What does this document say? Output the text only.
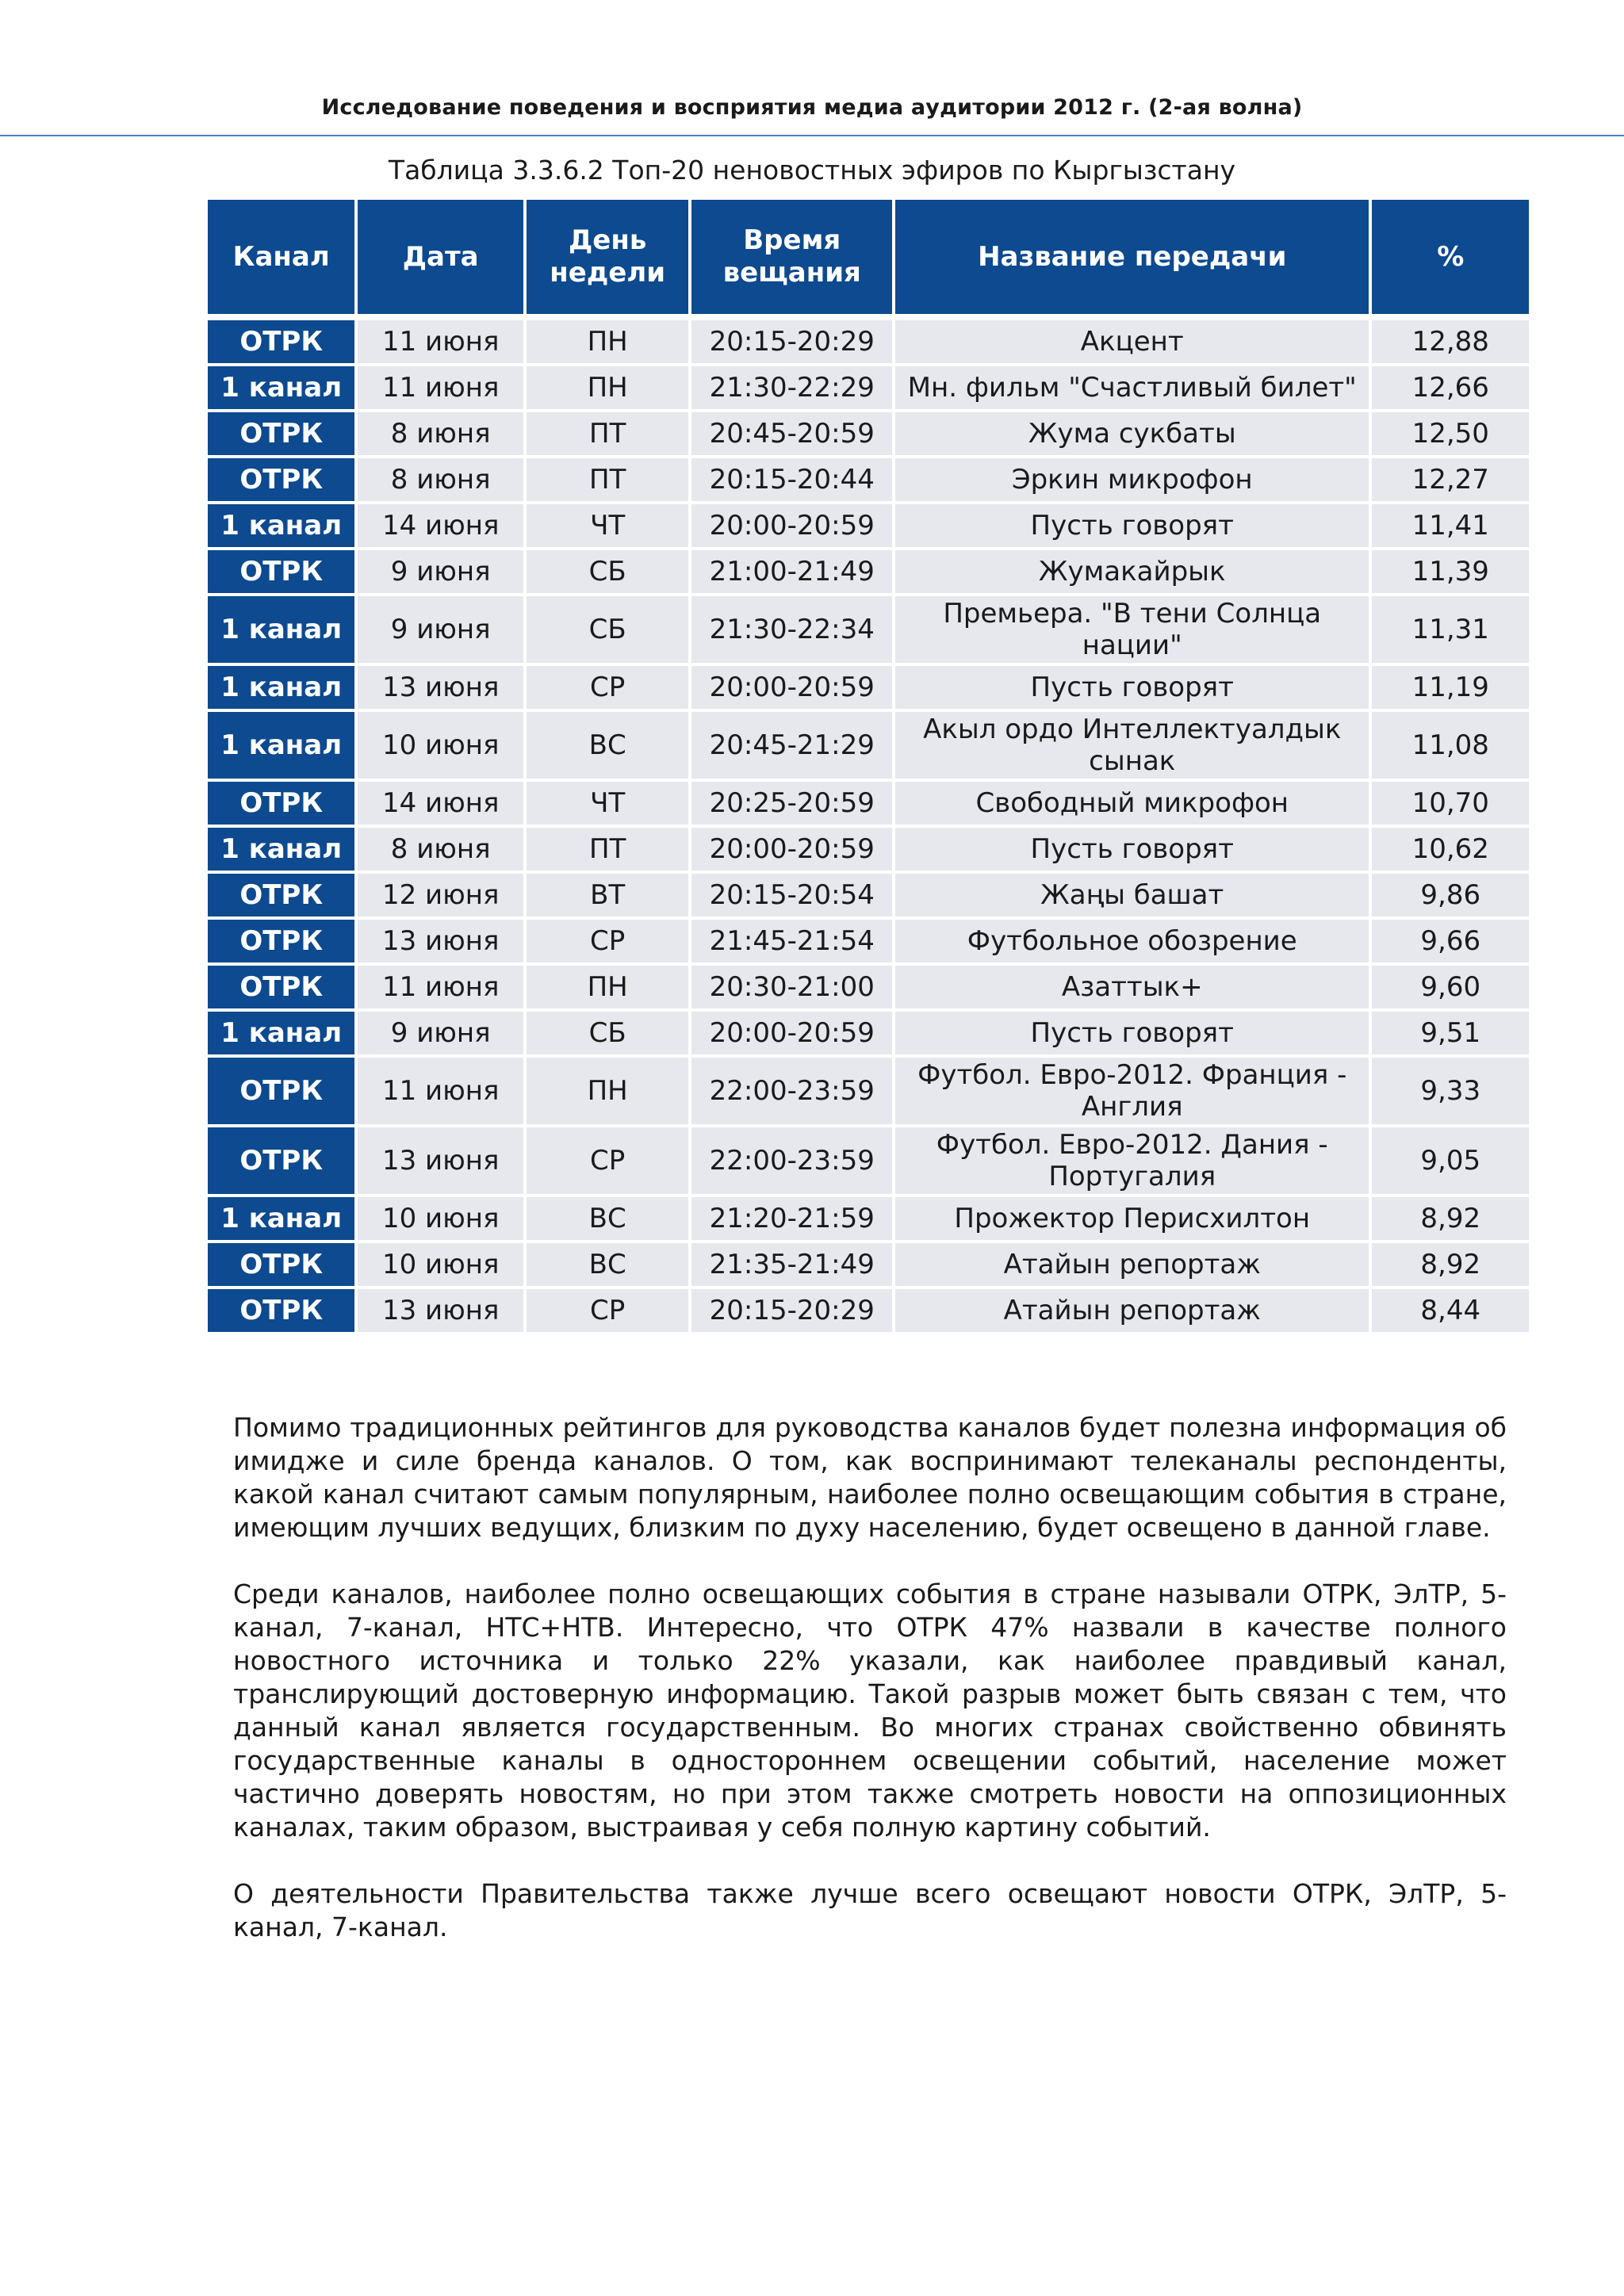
Исследование поведения и восприятия медиа аудитории 2012 г. (2-ая волна)
Таблица 3.3.6.2 Топ-20 неновостных эфиров по Кыргызстану
Канал	Дата	День недели	Время вещания	Название передачи	%

ОТРК	11 июня	ПН	20:15-20:29	Акцент	12,88
1 канал	11 июня	ПН	21:30-22:29	Мн. фильм "Счастливый билет"	12,66
ОТРК	8 июня	ПТ	20:45-20:59	Жума сукбаты	12,50
ОТРК	8 июня	ПТ	20:15-20:44	Эркин микрофон	12,27
1 канал	14 июня	ЧТ	20:00-20:59	Пусть говорят	11,41
ОТРК	9 июня	СБ	21:00-21:49	Жумакайрык	11,39
1 канал	9 июня	СБ	21:30-22:34	Премьера. "В тени Солнца нации"	11,31
1 канал	13 июня	СР	20:00-20:59	Пусть говорят	11,19
1 канал	10 июня	ВС	20:45-21:29	Акыл ордо Интеллектуалдык сынак	11,08
ОТРК	14 июня	ЧТ	20:25-20:59	Свободный микрофон	10,70
1 канал	8 июня	ПТ	20:00-20:59	Пусть говорят	10,62
ОТРК	12 июня	ВТ	20:15-20:54	Жаңы башат	9,86
ОТРК	13 июня	СР	21:45-21:54	Футбольное обозрение	9,66
ОТРК	11 июня	ПН	20:30-21:00	Азаттык+	9,60
1 канал	9 июня	СБ	20:00-20:59	Пусть говорят	9,51
ОТРК	11 июня	ПН	22:00-23:59	Футбол. Евро-2012. Франция - Англия	9,33
ОТРК	13 июня	СР	22:00-23:59	Футбол. Евро-2012. Дания - Португалия	9,05
1 канал	10 июня	ВС	21:20-21:59	Прожектор Перисхилтон	8,92
ОТРК	10 июня	ВС	21:35-21:49	Атайын репортаж	8,92
ОТРК	13 июня	СР	20:15-20:29	Атайын репортаж	8,44

Помимо традиционных рейтингов для руководства каналов будет полезна информация об имидже и силе бренда каналов. О том, как воспринимают телеканалы респонденты, какой канал считают самым популярным, наиболее полно освещающим события в стране, имеющим лучших ведущих, близким по духу населению, будет освещено в данной главе.

Среди каналов, наиболее полно освещающих события в стране называли ОТРК, ЭлТР, 5-канал, 7-канал, НТС+НТВ. Интересно, что ОТРК 47% назвали в качестве полного новостного источника и только 22% указали, как наиболее правдивый канал, транслирующий достоверную информацию. Такой разрыв может быть связан с тем, что данный канал является государственным. Во многих странах свойственно обвинять государственные каналы в одностороннем освещении событий, население может частично доверять новостям, но при этом также смотреть новости на оппозиционных каналах, таким образом, выстраивая у себя полную картину событий.

О деятельности Правительства также лучше всего освещают новости ОТРК, ЭлТР, 5-канал, 7-канал.
